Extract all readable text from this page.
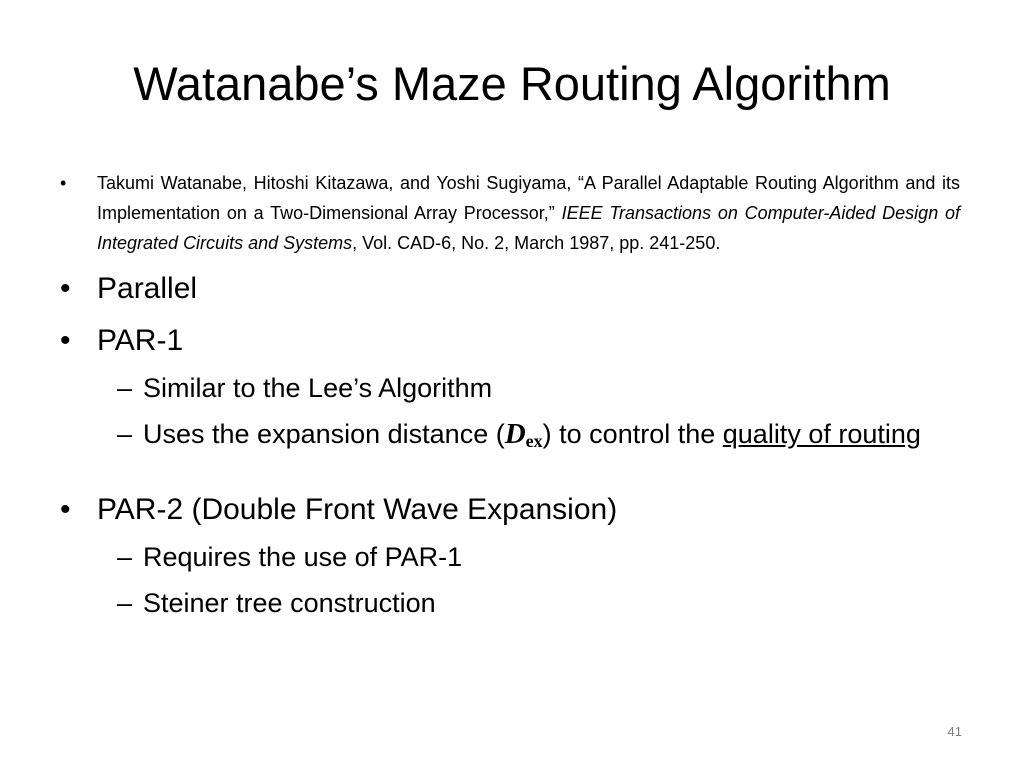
Watanabe’s Maze Routing Algorithm
• Takumi Watanabe, Hitoshi Kitazawa, and Yoshi Sugiyama, “A Parallel Adaptable Routing Algorithm and its Implementation on a Two-Dimensional Array Processor,” IEEE Transactions on Computer-Aided Design of Integrated Circuits and Systems, Vol. CAD-6, No. 2, March 1987, pp. 241-250.
• Parallel
• PAR-1
– Similar to the Lee’s Algorithm
– Uses the expansion distance $(D_{ex})$ to control the quality of routing
• PAR-2 (Double Front Wave Expansion)
– Requires the use of PAR-1
– Steiner tree construction
41
